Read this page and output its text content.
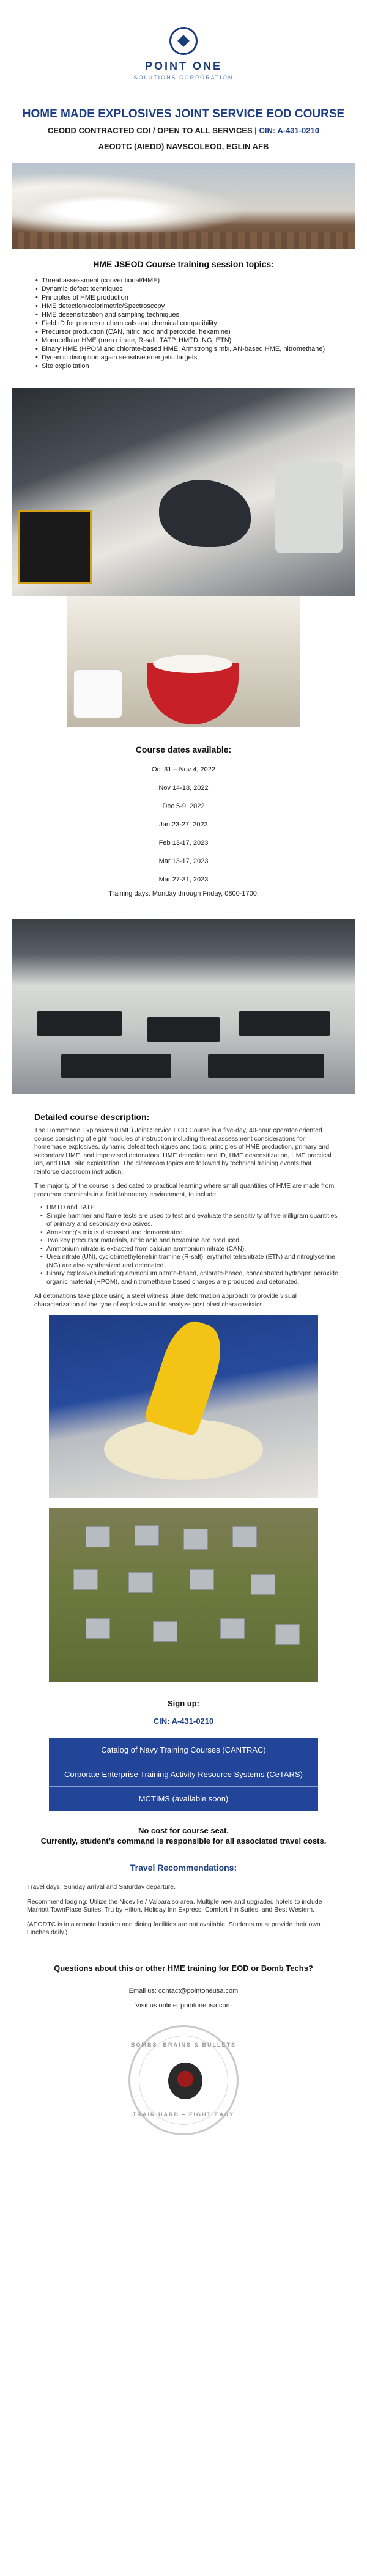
POINT ONE
SOLUTIONS CORPORATION
HOME MADE EXPLOSIVES JOINT SERVICE EOD COURSE
CEODD CONTRACTED COI / OPEN TO ALL SERVICES | CIN: A-431-0210
AEODTC (AIEDD) NAVSCOLEOD, EGLIN AFB
HME JSEOD Course training session topics:
• Threat assessment (conventional/HME)
• Dynamic defeat techniques
• Principles of HME production
• HME detection/colorimetric/Spectroscopy
• HME desensitization and sampling techniques
• Field ID for precursor chemicals and chemical compatibility
• Precursor production (CAN, nitric acid and peroxide, hexamine)
• Monocellular HME (urea nitrate, R-salt, TATP, HMTD, NG, ETN)
• Binary HME (HPOM and chlorate-based HME, Armstrong’s mix, AN-based HME, nitromethane)
• Dynamic disruption again sensitive energetic targets
• Site exploitation
Course dates available:
Oct 31 – Nov 4, 2022
Nov 14-18, 2022
Dec 5-9, 2022
Jan 23-27, 2023
Feb 13-17, 2023
Mar 13-17, 2023
Mar 27-31, 2023
Training days: Monday through Friday, 0800-1700.
Detailed course description:

The Homemade Explosives (HME) Joint Service EOD Course is a five-day, 40-hour operator-oriented course consisting of eight modules of instruction including threat assessment considerations for homemade explosives, dynamic defeat techniques and tools, principles of HME production, primary and secondary HME, and improvised detonators. HME detection and ID, HME desensitization, HME practical lab, and HME site exploitation. The classroom topics are followed by technical training events that reinforce classroom instruction.

The majority of the course is dedicated to practical learning where small quantities of HME are made from precursor chemicals in a field laboratory environment, to include:

• HMTD and TATP.
• Simple hammer and flame tests are used to test and evaluate the sensitivity of five milligram quantities of primary and secondary explosives.
• Armstrong’s mix is discussed and demonstrated.
• Two key precursor materials, nitric acid and hexamine are produced.
• Ammonium nitrate is extracted from calcium ammonium nitrate (CAN).
• Urea nitrate (UN), cyclotrimethylenetrinitramine (R-salt), erythritol tetranitrate (ETN) and nitroglycerine (NG) are also synthesized and detonated.
• Binary explosives including ammonium nitrate-based, chlorate-based, concentrated hydrogen peroxide organic material (HPOM), and nitromethane based charges are produced and detonated.

All detonations take place using a steel witness plate deformation approach to provide visual characterization of the type of explosive and to analyze post blast characteristics.

Sign up:
CIN: A-431-0210
Catalog of Navy Training Courses (CANTRAC)
Corporate Enterprise Training Activity Resource Systems (CeTARS)
MCTIMS (available soon)
No cost for course seat.
Currently, student’s command is responsible for all associated travel costs.
Travel Recommendations:

Travel days: Sunday arrival and Saturday departure.

Recommend lodging: Utilize the Niceville / Valparaiso area. Multiple new and upgraded hotels to include Marriott TownPlace Suites, Tru by Hilton, Holiday Inn Express, Comfort Inn Suites, and Best Western.

(AEODTC is in a remote location and dining facilities are not available. Students must provide their own lunches daily.)

Questions about this or other HME training for EOD or Bomb Techs?
Email us: contact@pointoneusa.com
Visit us online: pointoneusa.com
BOMBS, BRAINS & BULLETS
TRAIN HARD – FIGHT EASY
